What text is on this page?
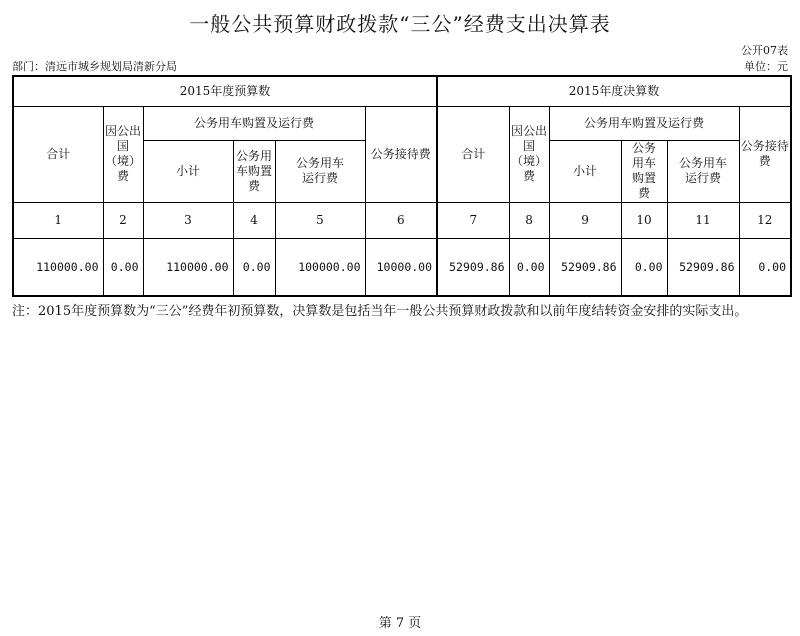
一般公共预算财政拨款“三公”经费支出决算表
公开07表
部门：清远市城乡规划局清新分局	单位：元
2015年度预算数						2015年度决算数					
合计	因公出国（境）费	公务用车购置及运行费			公务接待费	合计	因公出国（境）费	公务用车购置及运行费			公务接待费
		小计	公务用车购置费	公务用车运行费				小计	公务用车购置费	公务用车运行费	
1	2	3	4	5	6	7	8	9	10	11	12
110000.00	0.00	110000.00	0.00	100000.00	10000.00	52909.86	0.00	52909.86	0.00	52909.86	0.00
注：2015年度预算数为“三公”经费年初预算数，决算数是包括当年一般公共预算财政拨款和以前年度结转资金安排的实际支出。
第 7 页
